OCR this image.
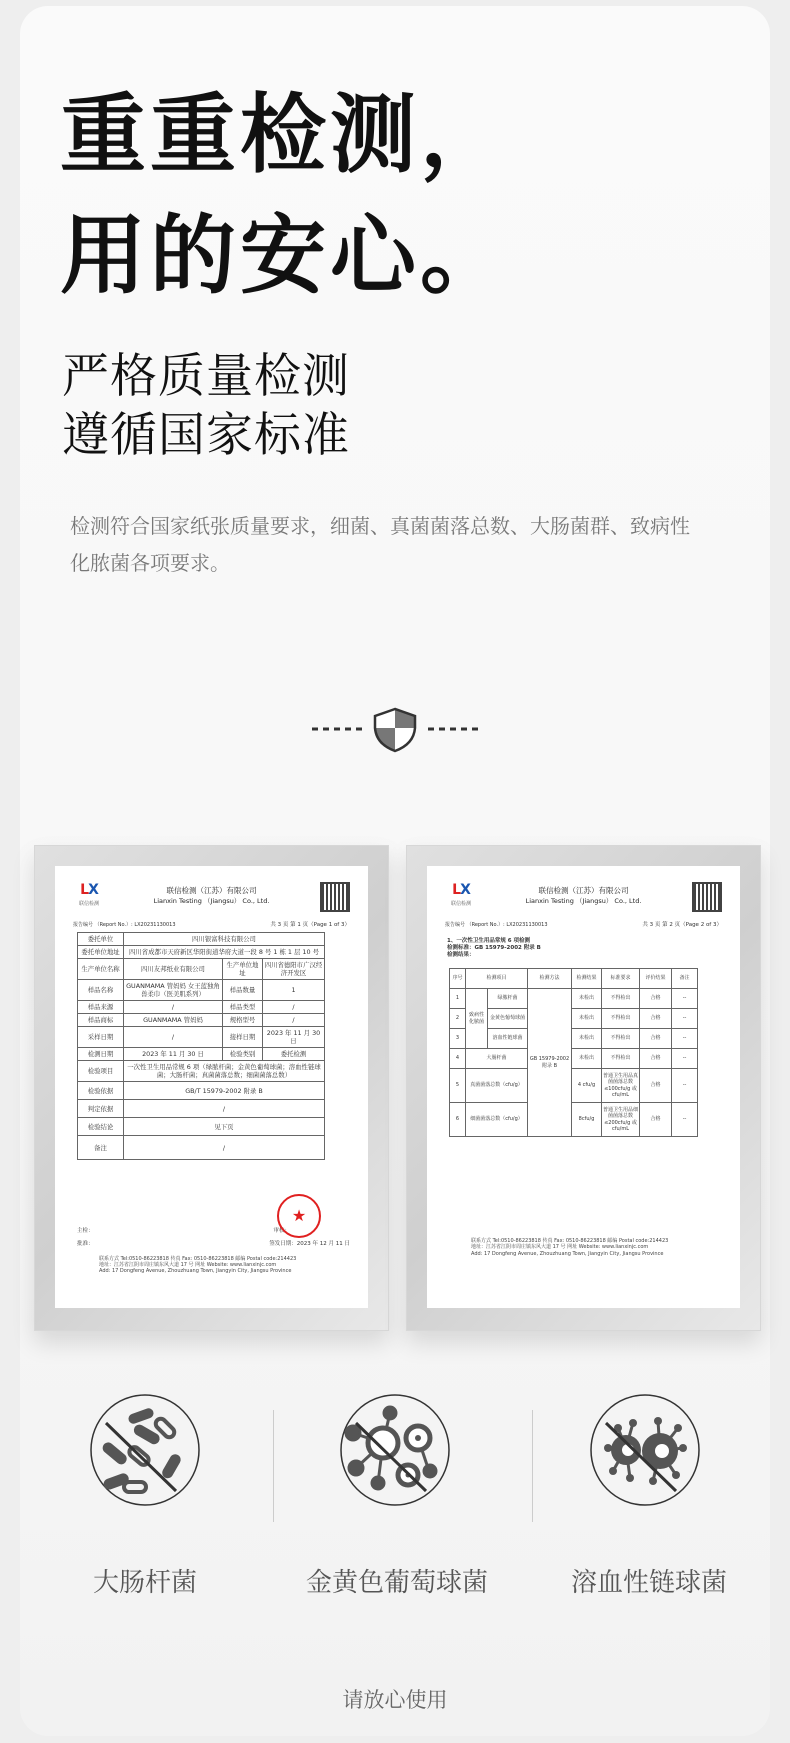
重重检测，
用的安心。
严格质量检测
遵循国家标准
检测符合国家纸张质量要求，细菌、真菌菌落总数、大肠菌群、致病性化脓菌各项要求。
LX
联信检测
联信检测（江苏）有限公司
Lianxin Testing （Jiangsu） Co., Ltd.
报告编号 （Report No.）: LX20231130013	共 3 页 第 1 页（Page 1 of 3）
委托单位	四川银富科技有限公司		
委托单位地址	四川省成都市天府新区华阳街道华府大道一段 8 号 1 栋 1 层 10 号		
生产单位名称	四川友邦纸业有限公司	生产单位地址	四川省德阳市广汉经济开发区
样品名称	GUANMAMA 管妈妈 女王蓝独角兽柔巾（医美肌系列）	样品数量	1
样品来源	/	样品类型	/
样品商标	GUANMAMA 管妈妈	规格型号	/
采样日期	/	接样日期	2023 年 11 月 30 日
检测日期	2023 年 11 月 30 日	检验类别	委托检测
检验项目	一次性卫生用品常规 6 项（绿脓杆菌；金黄色葡萄球菌；溶血性链球菌；大肠杆菌；真菌菌落总数；细菌菌落总数）		
检验依据	GB/T 15979-2002 附录 B		
判定依据	/		
检验结论	见下页		
备注	/		
主检：	审核：
批准：	签发日期：2023 年 12 月 11 日
联系方式 Tel:0510-86223818 传真 Fax: 0510-86223818 邮编 Postal code:214423
地址：江苏省江阴市周庄镇东风大道 17 号 网址 Website: www.lianxinjc.com
Add: 17 Dongfeng Avenue, Zhouzhuang Town, Jiangyin City, Jiangsu Province
★
LX
联信检测
联信检测（江苏）有限公司
Lianxin Testing （Jiangsu） Co., Ltd.
报告编号 （Report No.）: LX20231130013	共 3 页 第 2 页（Page 2 of 3）
1、一次性卫生用品常规 6 项检测
检测标准：GB 15979-2002 附录 B
检测结果：
序号	检测项目		检测方法	检测结果	标准要求	评价结果	备注
1	致病性化脓菌	绿脓杆菌	GB 15979-2002 附录 B	未检出	不得检出	合格	--
2		金黄色葡萄球菌		未检出	不得检出	合格	--
3		溶血性链球菌		未检出	不得检出	合格	--
4	大肠杆菌			未检出	不得检出	合格	--
5	真菌菌落总数（cfu/g）			4 cfu/g	普通卫生用品真菌菌落总数≤100cfu/g 或 cfu/mL	合格	--
6	细菌菌落总数（cfu/g）			8cfu/g	普通卫生用品细菌菌落总数≤200cfu/g 或 cfu/mL	合格	--
联系方式 Tel:0510-86223818 传真 Fax: 0510-86223818 邮编 Postal code:214423
地址：江苏省江阴市周庄镇东风大道 17 号 网址 Website: www.lianxinjc.com
Add: 17 Dongfeng Avenue, Zhouzhuang Town, Jiangyin City, Jiangsu Province
大肠杆菌	金黄色葡萄球菌	溶血性链球菌
请放心使用
